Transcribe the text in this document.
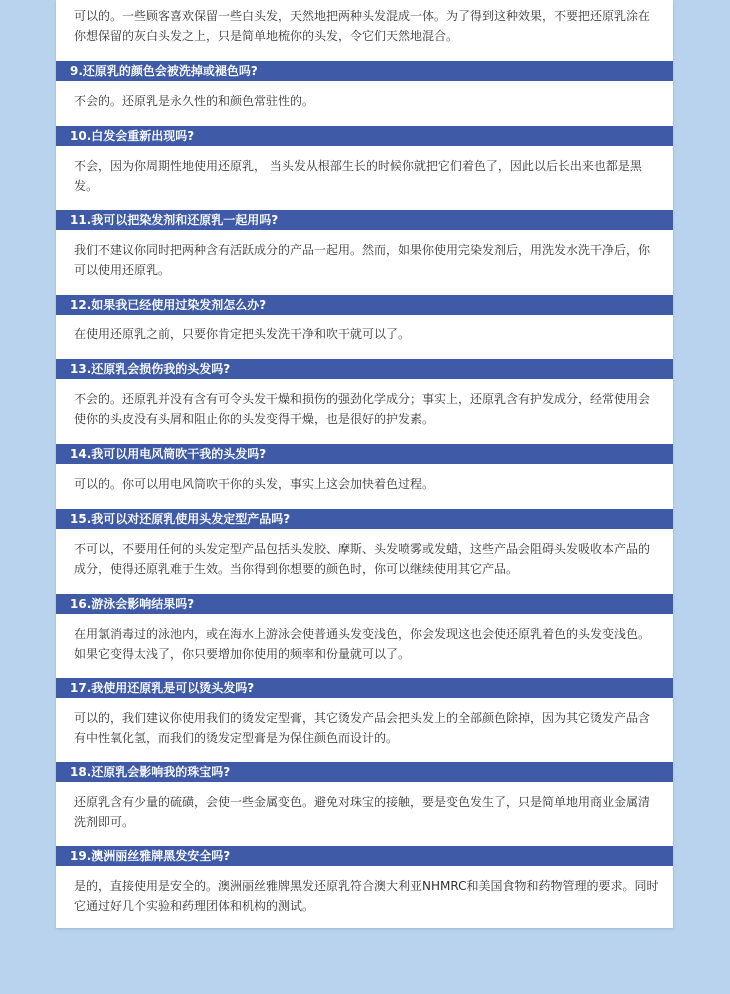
可以的。一些顾客喜欢保留一些白头发，天然地把两种头发混成一体。为了得到这种效果，不要把还原乳涂在你想保留的灰白头发之上，只是简单地梳你的头发，令它们天然地混合。
9.还原乳的颜色会被洗掉或褪色吗?
不会的。还原乳是永久性的和颜色常驻性的。
10.白发会重新出现吗?
不会，因为你周期性地使用还原乳， 当头发从根部生长的时候你就把它们着色了，因此以后长出来也都是黑发。
11.我可以把染发剂和还原乳一起用吗?
我们不建议你同时把两种含有活跃成分的产品一起用。然而，如果你使用完染发剂后，用洗发水洗干净后，你可以使用还原乳。
12.如果我已经使用过染发剂怎么办?
在使用还原乳之前，只要你肯定把头发洗干净和吹干就可以了。
13.还原乳会损伤我的头发吗?
不会的。还原乳并没有含有可令头发干燥和损伤的强劲化学成分；事实上，还原乳含有护发成分，经常使用会使你的头皮没有头屑和阻止你的头发变得干燥，也是很好的护发素。
14.我可以用电风筒吹干我的头发吗?
可以的。你可以用电风筒吹干你的头发，事实上这会加快着色过程。
15.我可以对还原乳使用头发定型产品吗?
不可以，不要用任何的头发定型产品包括头发胶、摩斯、头发喷雾或发蜡，这些产品会阻碍头发吸收本产品的成分，使得还原乳难于生效。当你得到你想要的颜色时，你可以继续使用其它产品。
16.游泳会影响结果吗?
在用氯消毒过的泳池内，或在海水上游泳会使普通头发变浅色，你会发现这也会使还原乳着色的头发变浅色。如果它变得太浅了，你只要增加你使用的频率和份量就可以了。
17.我使用还原乳是可以烫头发吗?
可以的，我们建议你使用我们的烫发定型膏，其它烫发产品会把头发上的全部颜色除掉，因为其它烫发产品含有中性氧化氢，而我们的烫发定型膏是为保住颜色而设计的。
18.还原乳会影响我的珠宝吗?
还原乳含有少量的硫磺，会使一些金属变色。避免对珠宝的接触，要是变色发生了，只是简单地用商业金属清洗剂即可。
19.澳洲丽丝雅牌黑发安全吗?
是的，直接使用是安全的。澳洲丽丝雅牌黑发还原乳符合澳大利亚NHMRC和美国食物和药物管理的要求。同时它通过好几个实验和药理团体和机构的测试。
